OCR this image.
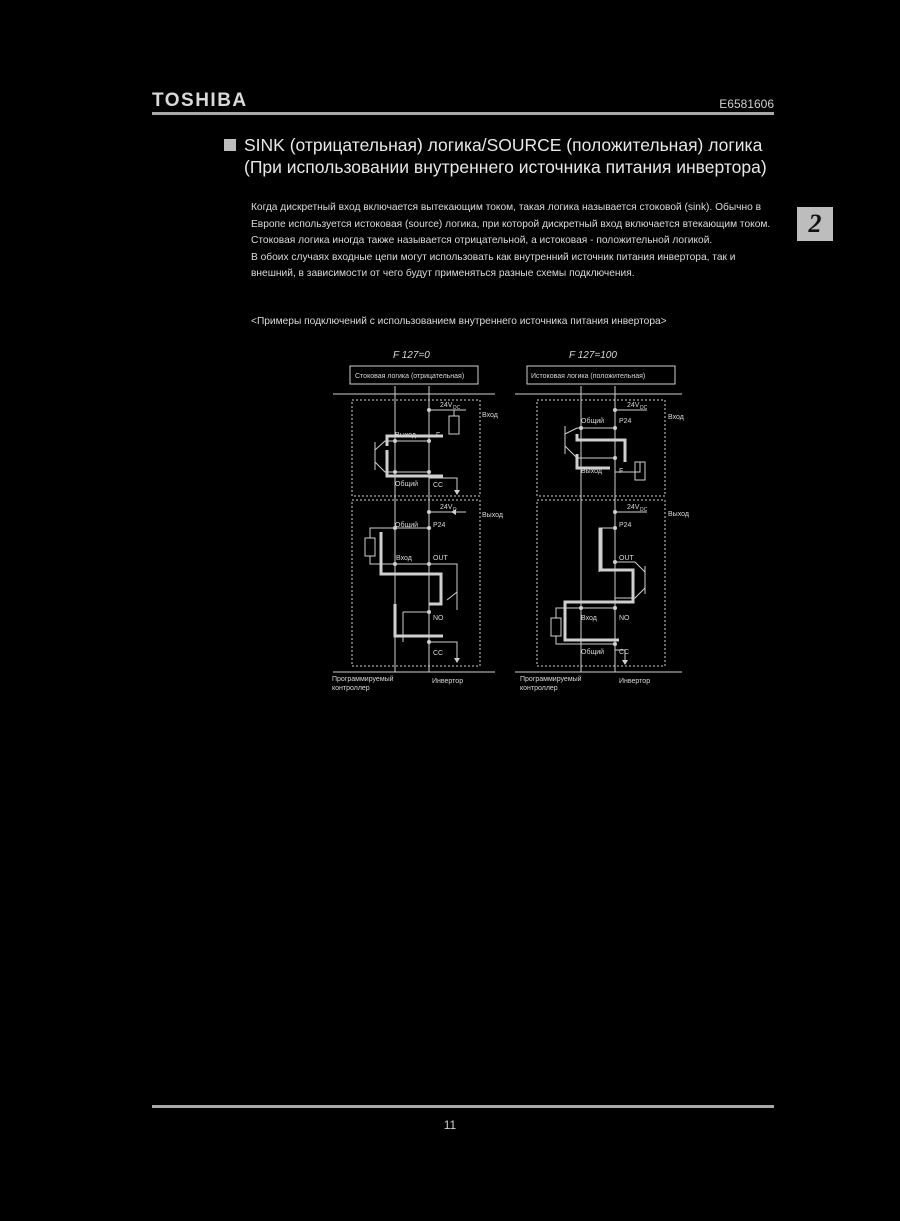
TOSHIBA	E6581606
2
SINK (отрицательная) логика/SOURCE (положительная) логика (При использовании внутреннего источника питания инвертора)

Когда дискретный вход включается вытекающим током, такая логика называется стоковой (sink). Обычно в Европе используется истоковая (source) логика, при которой дискретный вход включается втекающим током.

Стоковая логика иногда также называется отрицательной, а истоковая - положительной логикой.

В обоих случаях входные цепи могут использовать как внутренний источник питания инвертора, так и внешний, в зависимости от чего будут применяться разные схемы подключения.

<Примеры подключений с использованием внутреннего источника питания инвертора>
F 127=0	F 127=100
Стоковая логика (отрицательная)	Истоковая логика (положительная)
24V DC
Вход
Выход	F
Общий CC
24V D
Выход
Общий P24
Вход	OUT
NO
CC
Программируемый контроллер
Инвертор
24V DC
Вход
Общий P24
Выход F
24V DC
Выход
P24
OUT
Вход	NO
Общий CC
Программируемый контроллер
Инвертор
11
